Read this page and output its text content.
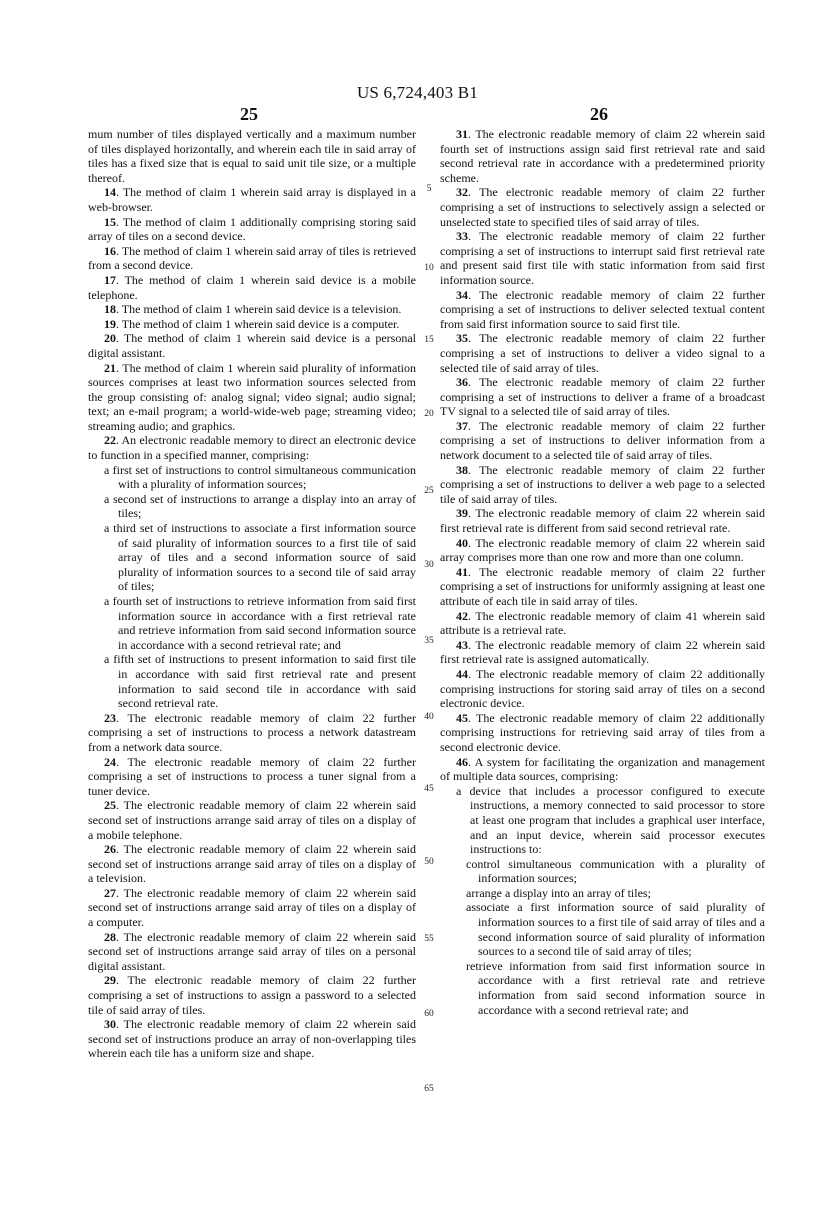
US 6,724,403 B1
25	26

mum number of tiles displayed vertically and a maximum number of tiles displayed horizontally, and wherein each tile in said array of tiles has a fixed size that is equal to said unit tile size, or a multiple thereof.

14. The method of claim 1 wherein said array is displayed in a web-browser.

15. The method of claim 1 additionally comprising storing said array of tiles on a second device.

16. The method of claim 1 wherein said array of tiles is retrieved from a second device.

17. The method of claim 1 wherein said device is a mobile telephone.

18. The method of claim 1 wherein said device is a television.

19. The method of claim 1 wherein said device is a computer.

20. The method of claim 1 wherein said device is a personal digital assistant.

21. The method of claim 1 wherein said plurality of information sources comprises at least two information sources selected from the group consisting of: analog signal; video signal; audio signal; text; an e-mail program; a world-wide-web page; streaming video; streaming audio; and graphics.

22. An electronic readable memory to direct an electronic device to function in a specified manner, comprising:

a first set of instructions to control simultaneous communication with a plurality of information sources;

a second set of instructions to arrange a display into an array of tiles;

a third set of instructions to associate a first information source of said plurality of information sources to a first tile of said array of tiles and a second information source of said plurality of information sources to a second tile of said array of tiles;

a fourth set of instructions to retrieve information from said first information source in accordance with a first retrieval rate and retrieve information from said second information source in accordance with a second retrieval rate; and

a fifth set of instructions to present information to said first tile in accordance with said first retrieval rate and present information to said second tile in accordance with said second retrieval rate.

23. The electronic readable memory of claim 22 further comprising a set of instructions to process a network datastream from a network data source.

24. The electronic readable memory of claim 22 further comprising a set of instructions to process a tuner signal from a tuner device.

25. The electronic readable memory of claim 22 wherein said second set of instructions arrange said array of tiles on a display of a mobile telephone.

26. The electronic readable memory of claim 22 wherein said second set of instructions arrange said array of tiles on a display of a television.

27. The electronic readable memory of claim 22 wherein said second set of instructions arrange said array of tiles on a display of a computer.

28. The electronic readable memory of claim 22 wherein said second set of instructions arrange said array of tiles on a personal digital assistant.

29. The electronic readable memory of claim 22 further comprising a set of instructions to assign a password to a selected tile of said array of tiles.

30. The electronic readable memory of claim 22 wherein said second set of instructions produce an array of non-overlapping tiles wherein each tile has a uniform size and shape.

31. The electronic readable memory of claim 22 wherein said fourth set of instructions assign said first retrieval rate and said second retrieval rate in accordance with a predetermined priority scheme.

32. The electronic readable memory of claim 22 further comprising a set of instructions to selectively assign a selected or unselected state to specified tiles of said array of tiles.

33. The electronic readable memory of claim 22 further comprising a set of instructions to interrupt said first retrieval rate and present said first tile with static information from said first information source.

34. The electronic readable memory of claim 22 further comprising a set of instructions to deliver selected textual content from said first information source to said first tile.

35. The electronic readable memory of claim 22 further comprising a set of instructions to deliver a video signal to a selected tile of said array of tiles.

36. The electronic readable memory of claim 22 further comprising a set of instructions to deliver a frame of a broadcast TV signal to a selected tile of said array of tiles.

37. The electronic readable memory of claim 22 further comprising a set of instructions to deliver information from a network document to a selected tile of said array of tiles.

38. The electronic readable memory of claim 22 further comprising a set of instructions to deliver a web page to a selected tile of said array of tiles.

39. The electronic readable memory of claim 22 wherein said first retrieval rate is different from said second retrieval rate.

40. The electronic readable memory of claim 22 wherein said array comprises more than one row and more than one column.

41. The electronic readable memory of claim 22 further comprising a set of instructions for uniformly assigning at least one attribute of each tile in said array of tiles.

42. The electronic readable memory of claim 41 wherein said attribute is a retrieval rate.

43. The electronic readable memory of claim 22 wherein said first retrieval rate is assigned automatically.

44. The electronic readable memory of claim 22 additionally comprising instructions for storing said array of tiles on a second electronic device.

45. The electronic readable memory of claim 22 additionally comprising instructions for retrieving said array of tiles from a second electronic device.

46. A system for facilitating the organization and management of multiple data sources, comprising:

a device that includes a processor configured to execute instructions, a memory connected to said processor to store at least one program that includes a graphical user interface, and an input device, wherein said processor executes instructions to:

control simultaneous communication with a plurality of information sources;

arrange a display into an array of tiles;

associate a first information source of said plurality of information sources to a first tile of said array of tiles and a second information source of said plurality of information sources to a second tile of said array of tiles;

retrieve information from said first information source in accordance with a first retrieval rate and retrieve information from said second information source in accordance with a second retrieval rate; and

5
10
15
20
25
30
35
40
45
50
55
60
65
